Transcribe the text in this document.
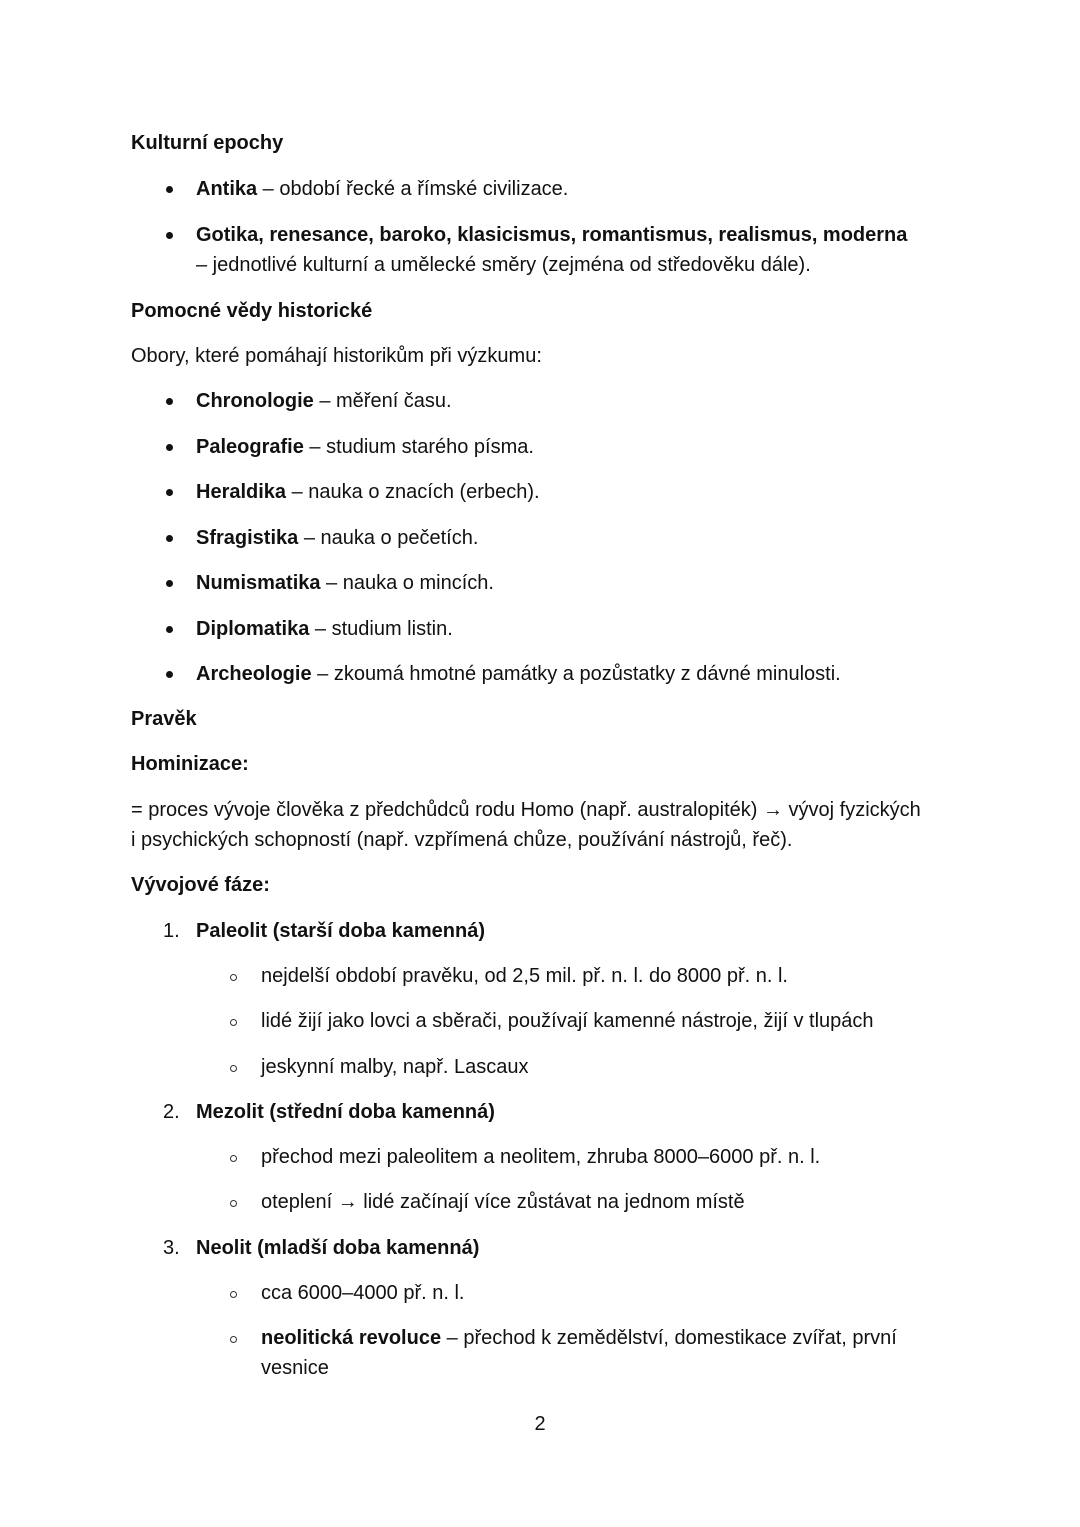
Kulturní epochy
Antika – období řecké a římské civilizace.
Gotika, renesance, baroko, klasicismus, romantismus, realismus, moderna
– jednotlivé kulturní a umělecké směry (zejména od středověku dále).
Pomocné vědy historické
Obory, které pomáhají historikům při výzkumu:
Chronologie – měření času.
Paleografie – studium starého písma.
Heraldika – nauka o znacích (erbech).
Sfragistika – nauka o pečetích.
Numismatika – nauka o mincích.
Diplomatika – studium listin.
Archeologie – zkoumá hmotné památky a pozůstatky z dávné minulosti.
Pravěk
Hominizace:
= proces vývoje člověka z předchůdců rodu Homo (např. australopiték) → vývoj fyzických
i psychických schopností (např. vzpřímená chůze, používání nástrojů, řeč).
Vývojové fáze:
1. Paleolit (starší doba kamenná)
nejdelší období pravěku, od 2,5 mil. př. n. l. do 8000 př. n. l.
lidé žijí jako lovci a sběrači, používají kamenné nástroje, žijí v tlupách
jeskynní malby, např. Lascaux
2. Mezolit (střední doba kamenná)
přechod mezi paleolitem a neolitem, zhruba 8000–6000 př. n. l.
oteplení → lidé začínají více zůstávat na jednom místě
3. Neolit (mladší doba kamenná)
cca 6000–4000 př. n. l.
neolitická revoluce – přechod k zemědělství, domestikace zvířat, první
vesnice
2
